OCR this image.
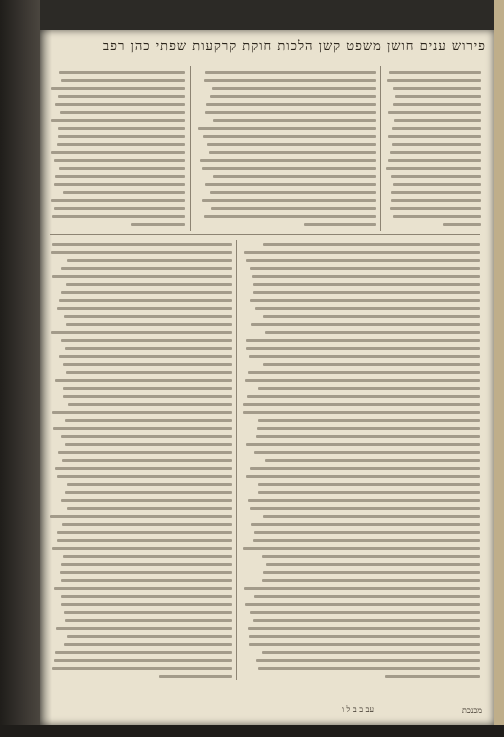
פירוש ענים חושן משפט קשן הלכות חוקת קרקעות שפתי כהן רפב
עב ב ב ל ו	מכנכת
